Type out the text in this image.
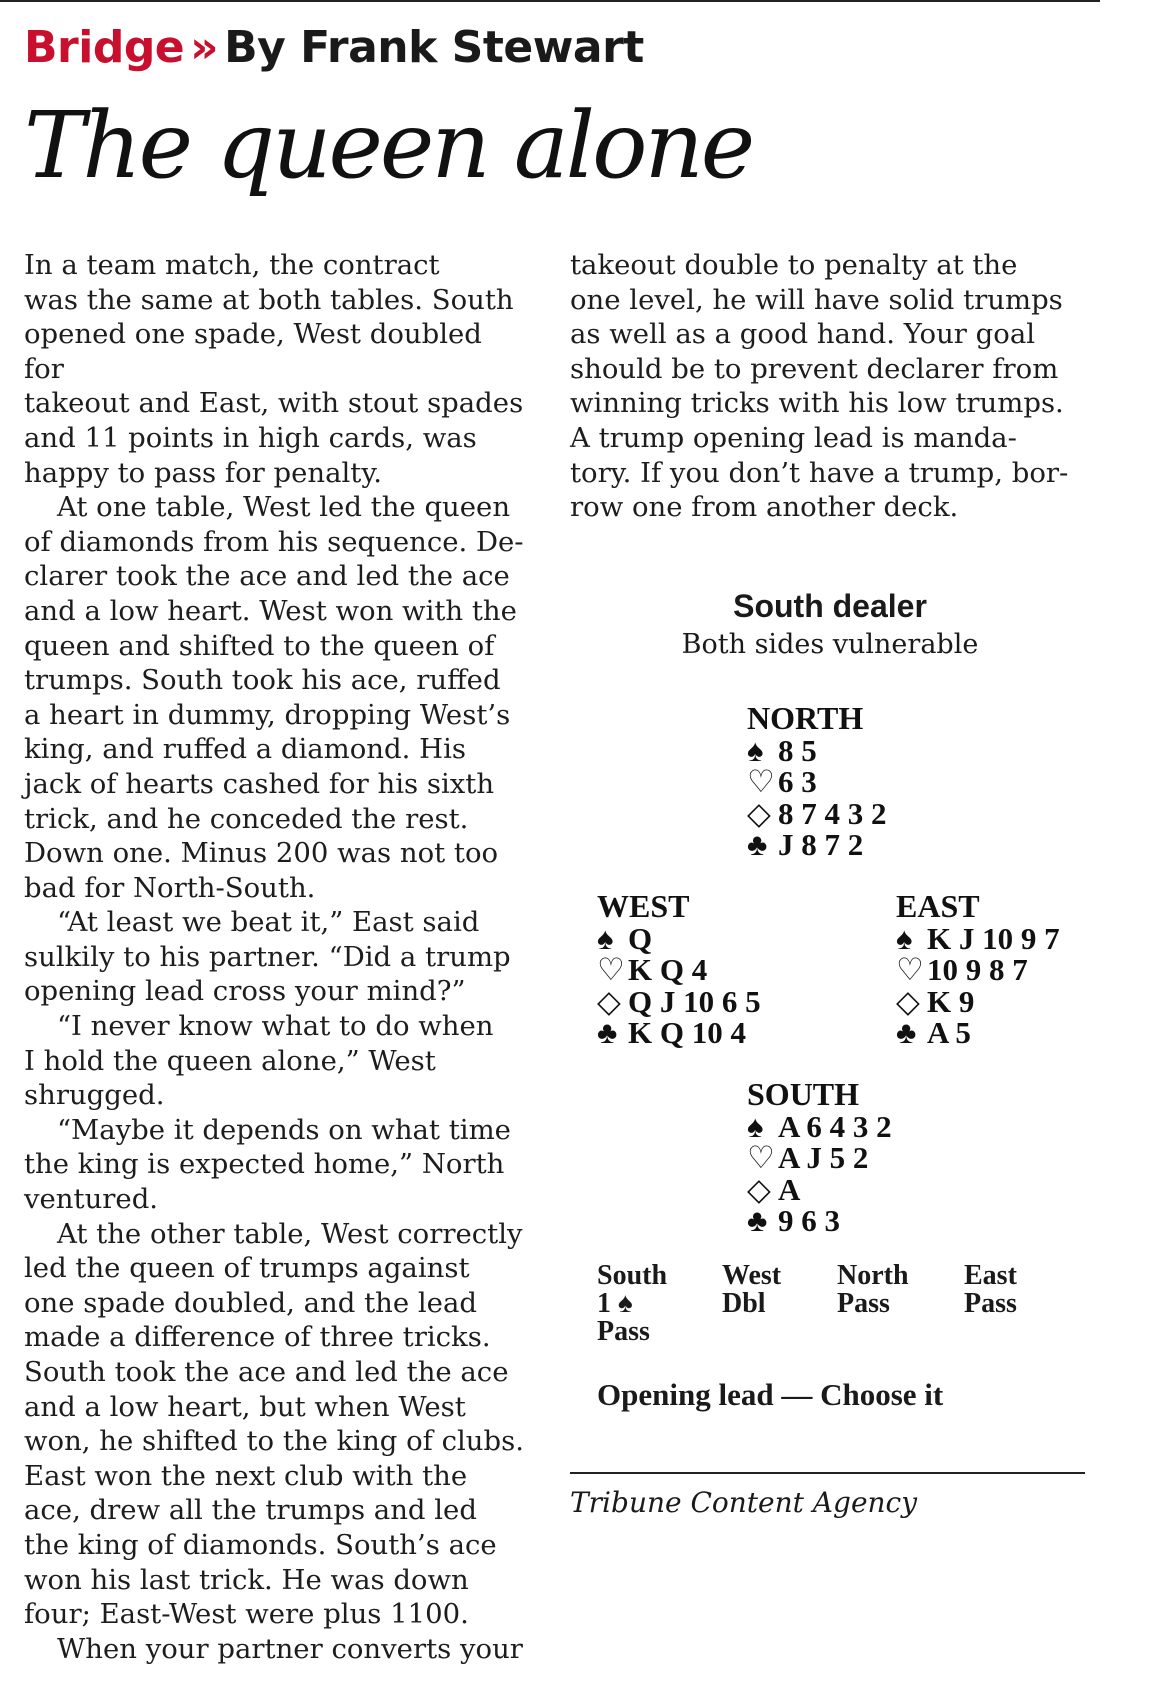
Bridge » By Frank Stewart
The queen alone

In a team match, the contract
was the same at both tables. South
opened one spade, West doubled for
takeout and East, with stout spades
and 11 points in high cards, was
happy to pass for penalty.

At one table, West led the queen
of diamonds from his sequence. De-
clarer took the ace and led the ace
and a low heart. West won with the
queen and shifted to the queen of
trumps. South took his ace, ruffed
a heart in dummy, dropping West’s
king, and ruffed a diamond. His
jack of hearts cashed for his sixth
trick, and he conceded the rest.
Down one. Minus 200 was not too
bad for North-South.

“At least we beat it,” East said
sulkily to his partner. “Did a trump
opening lead cross your mind?”

“I never know what to do when
I hold the queen alone,” West
shrugged.

“Maybe it depends on what time
the king is expected home,” North
ventured.

At the other table, West correctly
led the queen of trumps against
one spade doubled, and the lead
made a difference of three tricks.
South took the ace and led the ace
and a low heart, but when West
won, he shifted to the king of clubs.
East won the next club with the
ace, drew all the trumps and led
the king of diamonds. South’s ace
won his last trick. He was down
four; East-West were plus 1100.

When your partner converts your

takeout double to penalty at the
one level, he will have solid trumps
as well as a good hand. Your goal
should be to prevent declarer from
winning tricks with his low trumps.
A trump opening lead is manda-
tory. If you don’t have a trump, bor-
row one from another deck.

South dealer
Both sides vulnerable
NORTH
♠ 8 5
♡ 6 3
◇ 8 7 4 3 2
♣ J 8 7 2
WEST
♠ Q
♡ K Q 4
◇ Q J 10 6 5
♣ K Q 10 4
EAST
♠ K J 10 9 7
♡ 10 9 8 7
◇ K 9
♣ A 5
SOUTH
♠ A 6 4 3 2
♡ A J 5 2
◇ A
♣ 9 6 3
South
1 ♠
Pass
West
Dbl
North
Pass
East
Pass
Opening lead — Choose it
Tribune Content Agency
